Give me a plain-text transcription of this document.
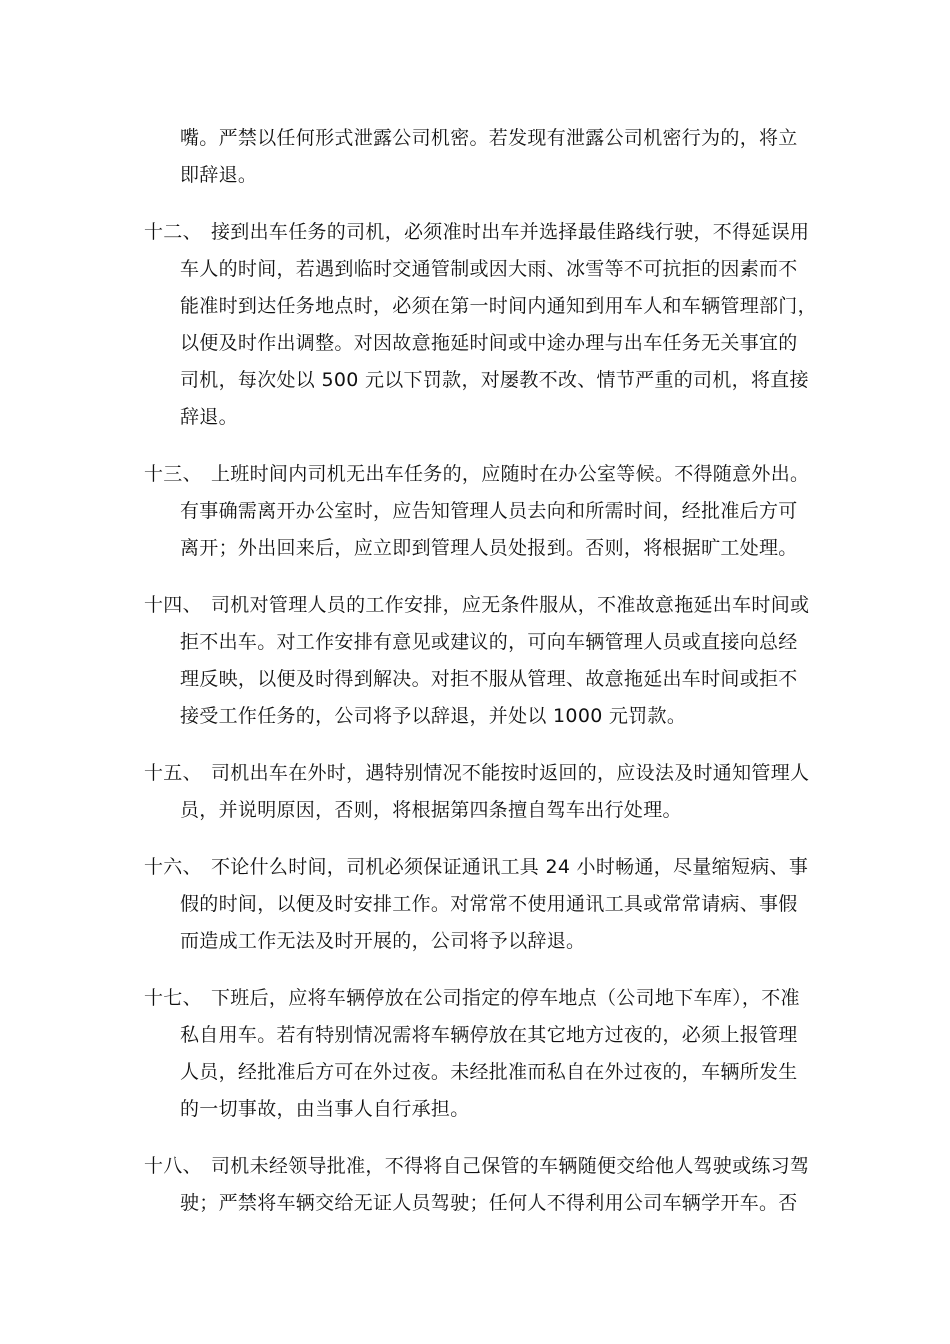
嘴。严禁以任何形式泄露公司机密。若发现有泄露公司机密行为的，将立
即辞退。
十二、 接到出车任务的司机，必须准时出车并选择最佳路线行驶，不得延误用
车人的时间，若遇到临时交通管制或因大雨、冰雪等不可抗拒的因素而不
能准时到达任务地点时，必须在第一时间内通知到用车人和车辆管理部门，
以便及时作出调整。对因故意拖延时间或中途办理与出车任务无关事宜的
司机，每次处以 500 元以下罚款，对屡教不改、情节严重的司机，将直接
辞退。
十三、 上班时间内司机无出车任务的，应随时在办公室等候。不得随意外出。
有事确需离开办公室时，应告知管理人员去向和所需时间，经批准后方可
离开；外出回来后，应立即到管理人员处报到。否则，将根据旷工处理。
十四、 司机对管理人员的工作安排，应无条件服从，不准故意拖延出车时间或
拒不出车。对工作安排有意见或建议的，可向车辆管理人员或直接向总经
理反映，以便及时得到解决。对拒不服从管理、故意拖延出车时间或拒不
接受工作任务的，公司将予以辞退，并处以 1000 元罚款。
十五、 司机出车在外时，遇特别情况不能按时返回的，应设法及时通知管理人
员，并说明原因，否则，将根据第四条擅自驾车出行处理。
十六、 不论什么时间，司机必须保证通讯工具 24 小时畅通，尽量缩短病、事
假的时间，以便及时安排工作。对常常不使用通讯工具或常常请病、事假
而造成工作无法及时开展的，公司将予以辞退。
十七、 下班后，应将车辆停放在公司指定的停车地点（公司地下车库），不准
私自用车。若有特别情况需将车辆停放在其它地方过夜的，必须上报管理
人员，经批准后方可在外过夜。未经批准而私自在外过夜的，车辆所发生
的一切事故，由当事人自行承担。
十八、 司机未经领导批准，不得将自己保管的车辆随便交给他人驾驶或练习驾
驶；严禁将车辆交给无证人员驾驶；任何人不得利用公司车辆学开车。否
